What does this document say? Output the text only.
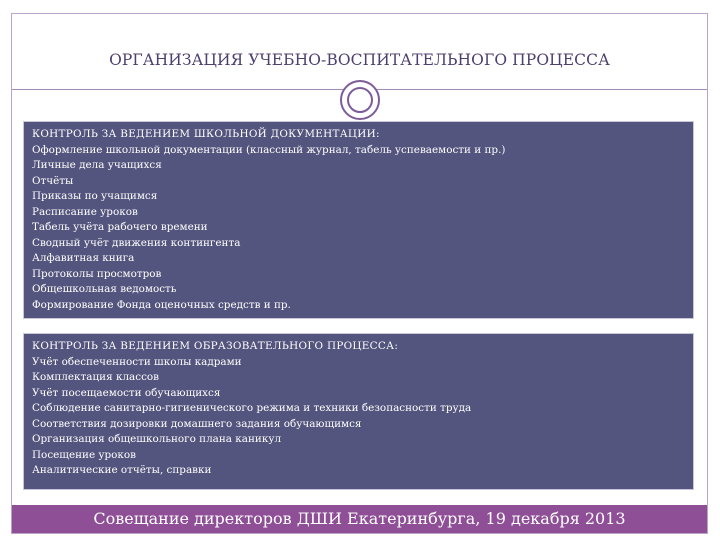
ОРГАНИЗАЦИЯ УЧЕБНО-ВОСПИТАТЕЛЬНОГО ПРОЦЕССА
КОНТРОЛЬ ЗА ВЕДЕНИЕМ ШКОЛЬНОЙ ДОКУМЕНТАЦИИ:
Оформление школьной документации (классный журнал, табель успеваемости и пр.)
Личные дела учащихся
Отчёты
Приказы по учащимся
Расписание уроков
Табель учёта рабочего времени
Сводный учёт движения контингента
Алфавитная книга
Протоколы просмотров
Общешкольная ведомость
Формирование Фонда оценочных средств и пр.
КОНТРОЛЬ ЗА ВЕДЕНИЕМ ОБРАЗОВАТЕЛЬНОГО ПРОЦЕССА:
Учёт обеспеченности школы кадрами
Комплектация классов
Учёт посещаемости обучающихся
Соблюдение санитарно-гигиенического режима и техники безопасности труда
Соответствия дозировки домашнего задания обучающимся
Организация общешкольного плана каникул
Посещение уроков
Аналитические отчёты, справки
Совещание директоров ДШИ Екатеринбурга, 19 декабря 2013
